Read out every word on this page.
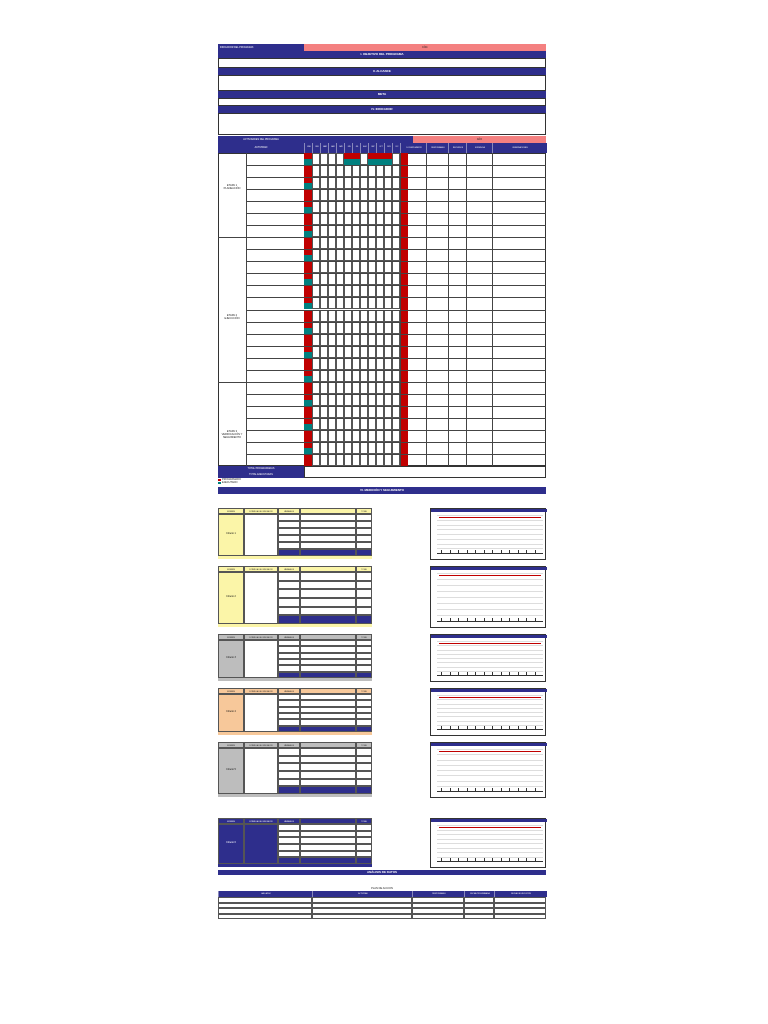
INDICADOR DEL PROGRAMA:	CÓD.
I. OBJETIVO DEL PROGRAMA
II. ALCANCE
META
IV. INDICADOR
ACTIVIDADES DEL PROGRAMA	AÑO
ACTIVIDAD	ENE	FEB	MAR	ABR	MAY	JUN	JUL	AGO	SEP	OCT	NOV	DIC	% CUMPLIMIENTO	RESPONSABLE	RECURSOS	EVIDENCIA	OBSERVACIONES
ETAPA 1 PLANEACIÓN
ETAPA 2 EJECUCIÓN
ETAPA 3 VERIFICACIÓN Y SEGUIMIENTO
TOTAL PROGRAMADAS
TOTAL EJECUTADAS
PROGRAMADO
EJECUTADO
VI. MEDICIÓN Y SEGUIMIENTO
NOMBRE	FÓRMULA DEL INDICADOR	VARIABLES	TOTAL
Criterio 1
NOMBRE	FÓRMULA DEL INDICADOR	VARIABLES	TOTAL
Criterio 2
NOMBRE	FÓRMULA DEL INDICADOR	VARIABLES	TOTAL
Criterio 3
NOMBRE	FÓRMULA DEL INDICADOR	VARIABLES	TOTAL
Criterio 4
NOMBRE	FÓRMULA DEL INDICADOR	VARIABLES	TOTAL
Criterio 5
NOMBRE	FÓRMULA DEL INDICADOR	VARIABLES	TOTAL
Criterio 6
ANÁLISIS DE DATOS
PLAN DE ACCIÓN
HALLAZGO	ACTIVIDAD	RESPONSABLE	FECHA PROGRAMADA	FECHA DE EJECUCIÓN
